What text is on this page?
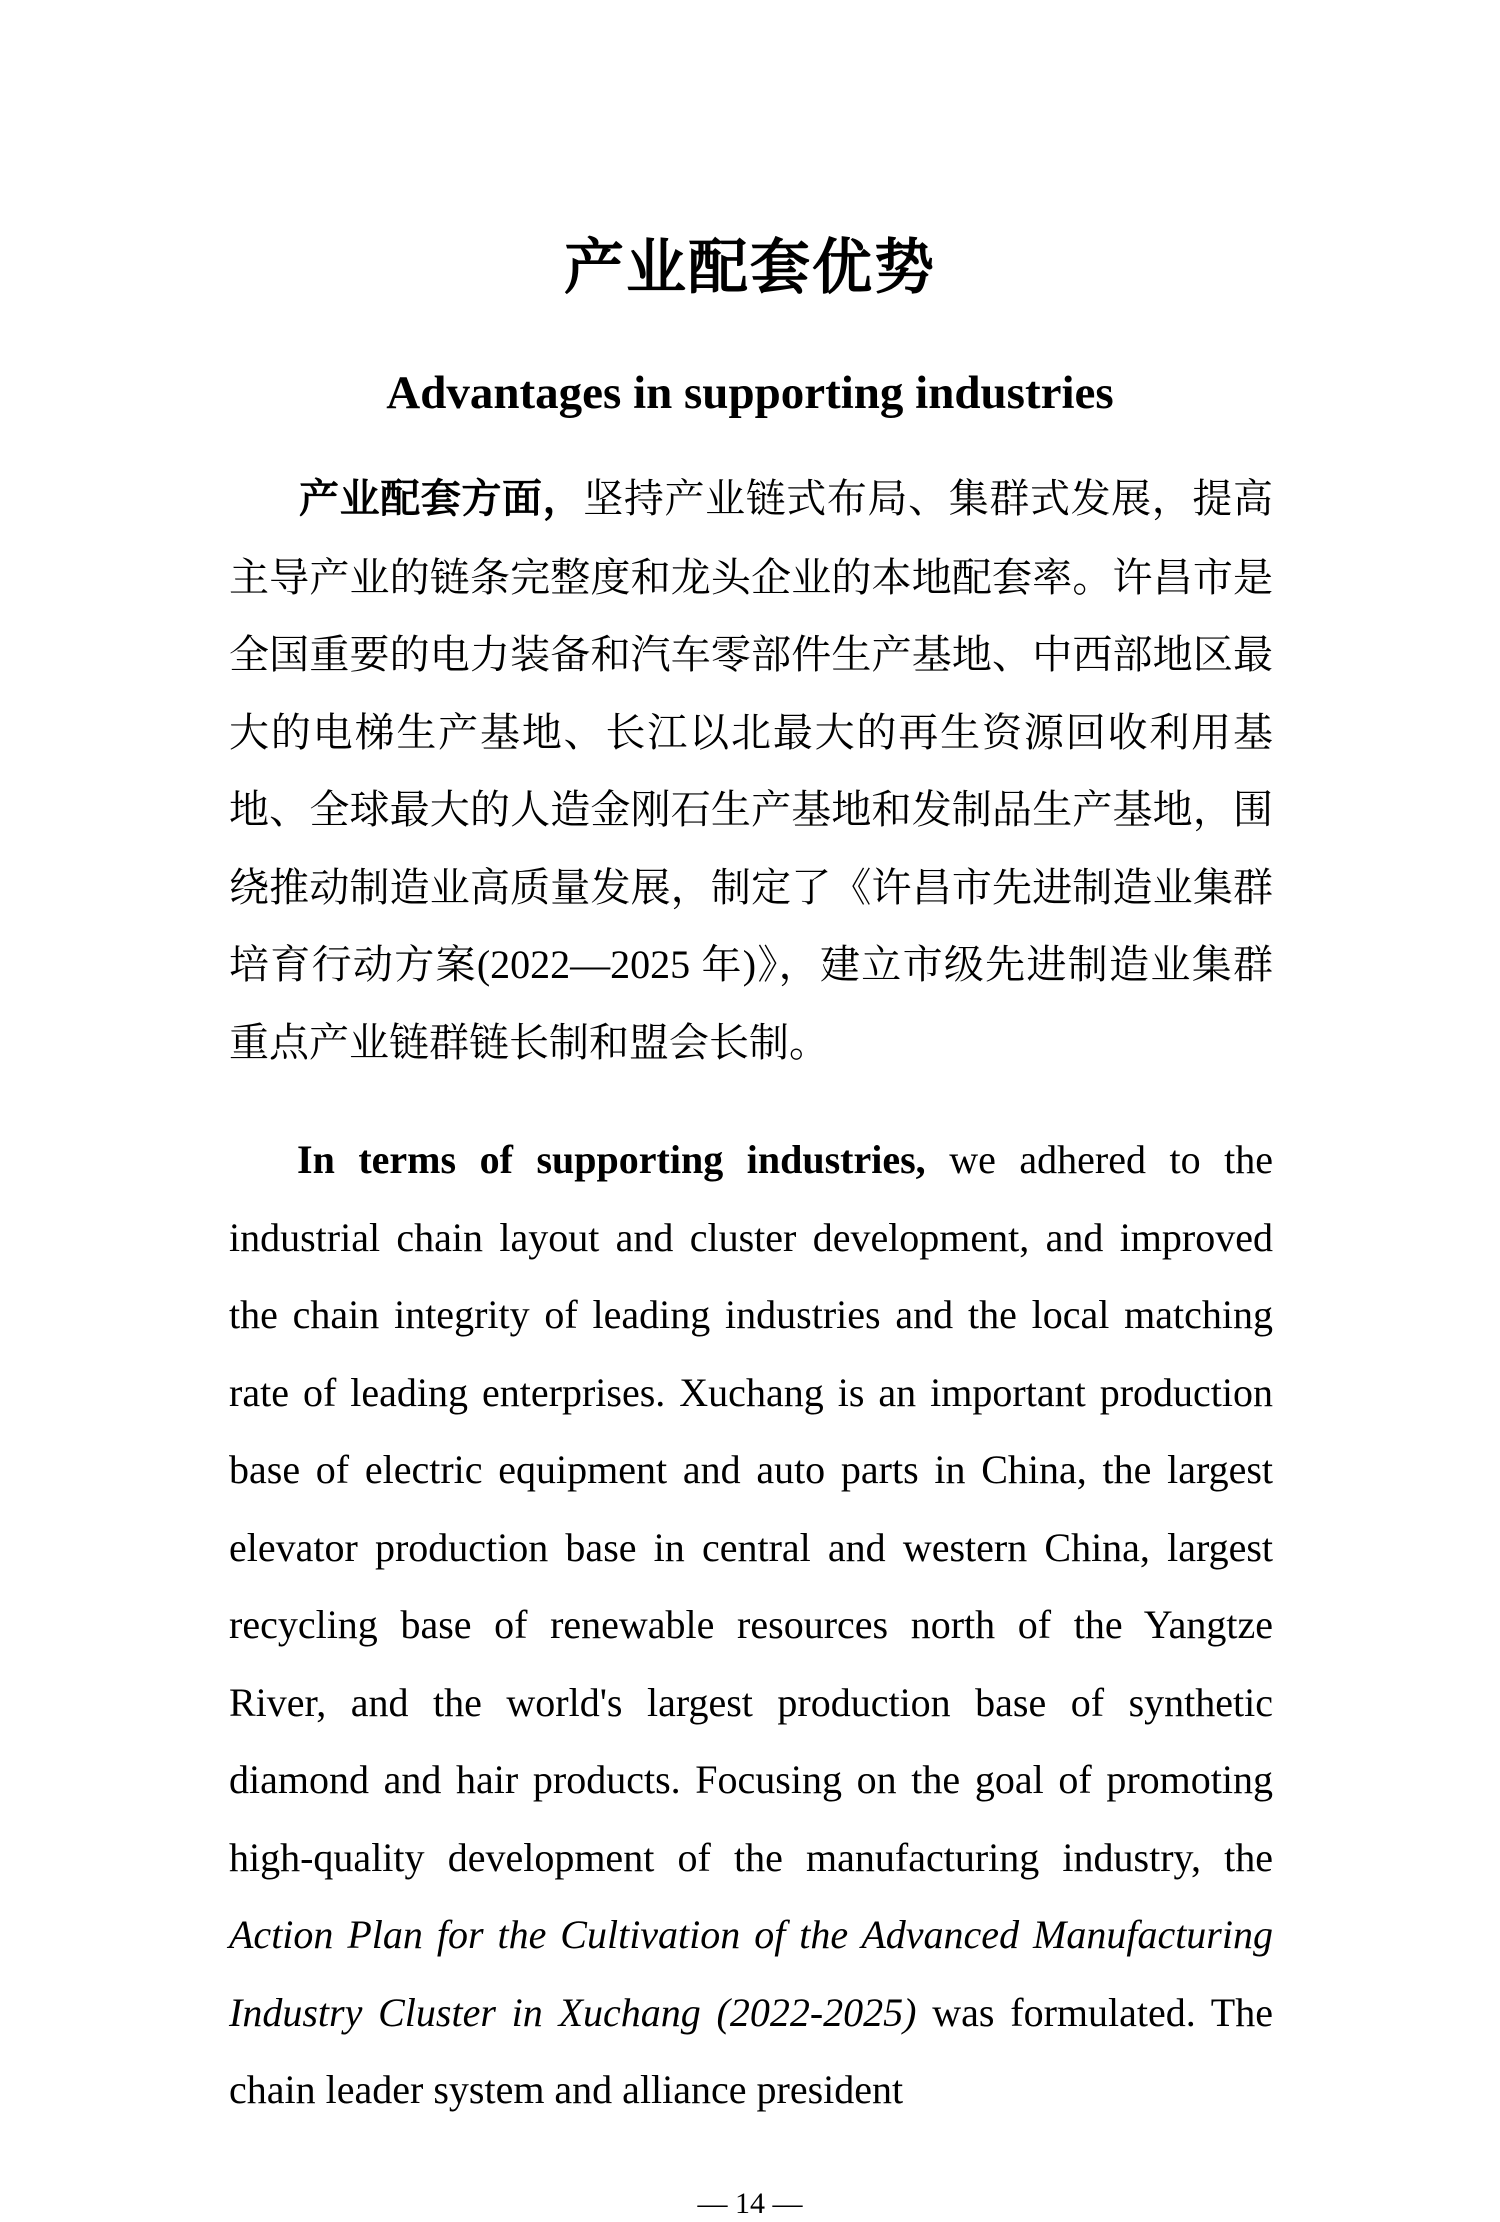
产业配套优势
Advantages in supporting industries

产业配套方面，坚持产业链式布局、集群式发展，提高主导产业的链条完整度和龙头企业的本地配套率。许昌市是全国重要的电力装备和汽车零部件生产基地、中西部地区最大的电梯生产基地、长江以北最大的再生资源回收利用基地、全球最大的人造金刚石生产基地和发制品生产基地，围绕推动制造业高质量发展，制定了《许昌市先进制造业集群培育行动方案(2022—2025 年)》，建立市级先进制造业集群重点产业链群链长制和盟会长制。

In terms of supporting industries, we adhered to the industrial chain layout and cluster development, and improved the chain integrity of leading industries and the local matching rate of leading enterprises. Xuchang is an important production base of electric equipment and auto parts in China, the largest elevator production base in central and western China, largest recycling base of renewable resources north of the Yangtze River, and the world's largest production base of synthetic diamond and hair products. Focusing on the goal of promoting high-quality development of the manufacturing industry, the Action Plan for the Cultivation of the Advanced Manufacturing Industry Cluster in Xuchang (2022-2025) was formulated. The chain leader system and alliance president

— 14 —
